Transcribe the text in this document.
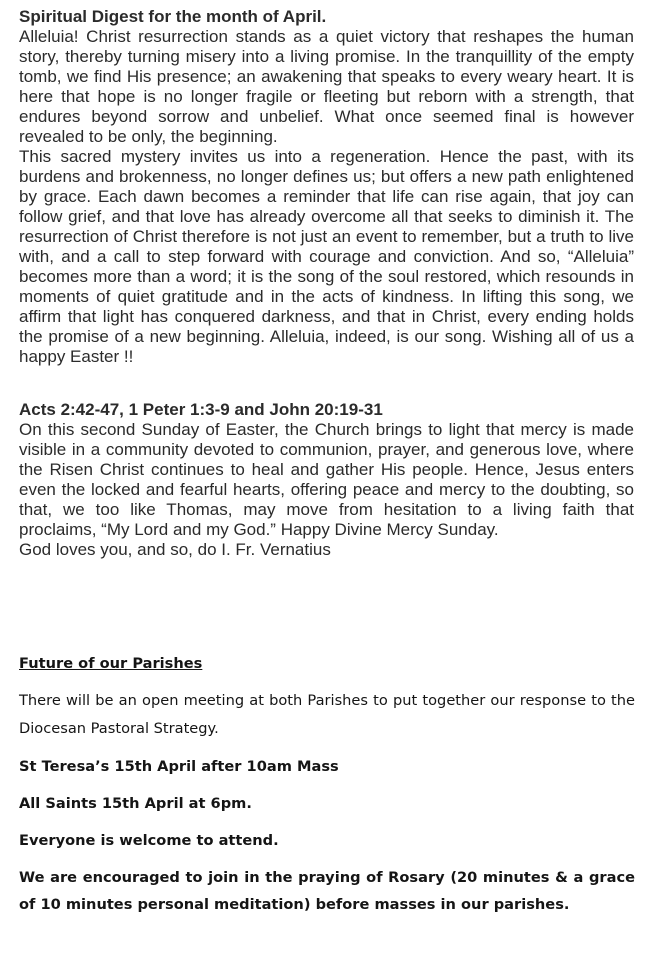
Spiritual Digest for the month of April.

Alleluia! Christ resurrection stands as a quiet victory that reshapes the human story, thereby turning misery into a living promise. In the tranquillity of the empty tomb, we find His presence; an awakening that speaks to every weary heart. It is here that hope is no longer fragile or fleeting but reborn with a strength, that endures beyond sorrow and unbelief. What once seemed final is however revealed to be only, the beginning.

This sacred mystery invites us into a regeneration. Hence the past, with its burdens and brokenness, no longer defines us; but offers a new path enlightened by grace. Each dawn becomes a reminder that life can rise again, that joy can follow grief, and that love has already overcome all that seeks to diminish it. The resurrection of Christ therefore is not just an event to remember, but a truth to live with, and a call to step forward with courage and conviction. And so, “Alleluia” becomes more than a word; it is the song of the soul restored, which resounds in moments of quiet gratitude and in the acts of kindness. In lifting this song, we affirm that light has conquered darkness, and that in Christ, every ending holds the promise of a new beginning. Alleluia, indeed, is our song. Wishing all of us a happy Easter !!

Acts 2:42-47, 1 Peter 1:3-9 and John 20:19-31

On this second Sunday of Easter, the Church brings to light that mercy is made visible in a community devoted to communion, prayer, and generous love, where the Risen Christ continues to heal and gather His people. Hence, Jesus enters even the locked and fearful hearts, offering peace and mercy to the doubting, so that, we too like Thomas, may move from hesitation to a living faith that proclaims, “My Lord and my God.” Happy Divine Mercy Sunday.

God loves you, and so, do I. Fr. Vernatius

Future of our Parishes

There will be an open meeting at both Parishes to put together our response to the Diocesan Pastoral Strategy.

St Teresa’s 15th April after 10am Mass

All Saints 15th April at 6pm.

Everyone is welcome to attend.

We are encouraged to join in the praying of Rosary (20 minutes & a grace of 10 minutes personal meditation) before masses in our parishes.
